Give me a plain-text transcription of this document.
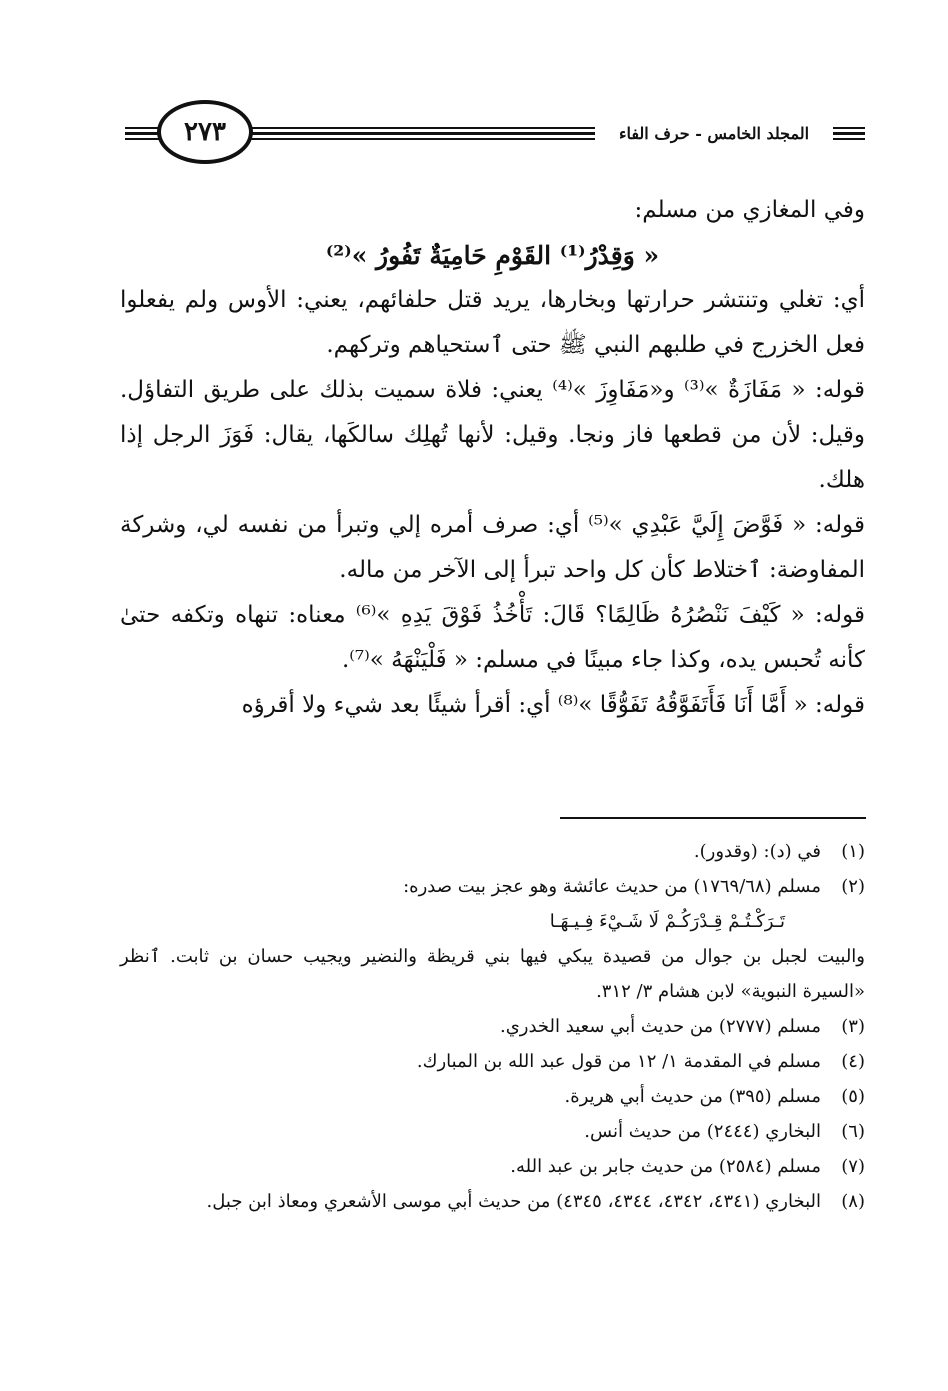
٢٧٣	المجلد الخامس - حرف الفاء

وفي المغازي من مسلم:

« وَقِدْرُ⁽¹⁾ القَوْمِ حَامِيَةٌ تَفُورُ »⁽²⁾

أي: تغلي وتنتشر حرارتها وبخارها، يريد قتل حلفائهم، يعني: الأوس ولم يفعلوا فعل الخزرج في طلبهم النبي ﷺ حتى ٱستحياهم وتركهم.

قوله: « مَفَازَةٌ »⁽³⁾ و«مَفَاوِزَ »⁽⁴⁾ يعني: فلاة سميت بذلك على طريق التفاؤل. وقيل: لأن من قطعها فاز ونجا. وقيل: لأنها تُهلِك سالكَها، يقال: فَوَزَ الرجل إذا هلك.

قوله: « فَوَّضَ إِلَيَّ عَبْدِي »⁽⁵⁾ أي: صرف أمره إلي وتبرأ من نفسه لي، وشركة المفاوضة: ٱختلاط كأن كل واحد تبرأ إلى الآخر من ماله.

قوله: « كَيْفَ نَنْصُرُهُ ظَالِمًا؟ قَالَ: تَأْخُذُ فَوْقَ يَدِهِ »⁽⁶⁾ معناه: تنهاه وتكفه حتىٰ كأنه تُحبس يده، وكذا جاء مبينًا في مسلم: « فَلْيَنْهَهُ »⁽⁷⁾.

قوله: « أَمَّا أَنَا فَأَتَفَوَّقُهُ تَفَوُّقًا »⁽⁸⁾ أي: أقرأ شيئًا بعد شيء ولا أقرؤه

(١)
في (د): (وقدور).
(٢)
مسلم (١٧٦٩/٦٨) من حديث عائشة وهو عجز بيت صدره:
تَـرَكْـتُـمْ قِـدْرَكُـمْ لَا شَـيْءَ فِـيـهَـا
والبيت لجبل بن جوال من قصيدة يبكي فيها بني قريظة والنضير ويجيب حسان بن ثابت. ٱنظر «السيرة النبوية» لابن هشام ٣/ ٣١٢.
(٣)
مسلم (٢٧٧٧) من حديث أبي سعيد الخدري.
(٤)
مسلم في المقدمة ١/ ١٢ من قول عبد الله بن المبارك.
(٥)
مسلم (٣٩٥) من حديث أبي هريرة.
(٦)
البخاري (٢٤٤٤) من حديث أنس.
(٧)
مسلم (٢٥٨٤) من حديث جابر بن عبد الله.
(٨)
البخاري (٤٣٤١، ٤٣٤٢، ٤٣٤٤، ٤٣٤٥) من حديث أبي موسى الأشعري ومعاذ ابن جبل.
